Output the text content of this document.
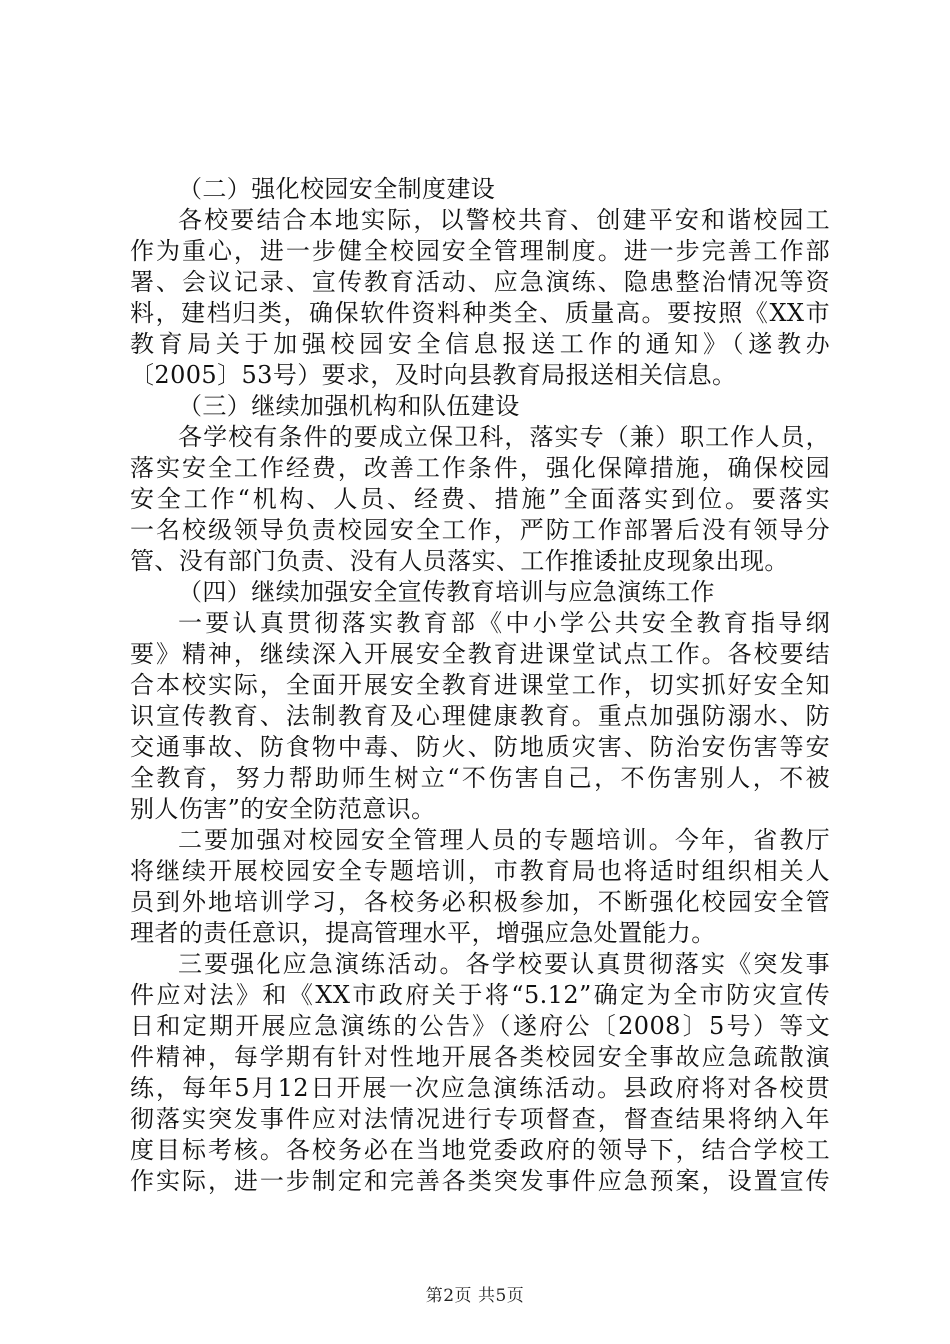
（二）强化校园安全制度建设
各校要结合本地实际，以警校共育、创建平安和谐校园工
作为重心，进一步健全校园安全管理制度。进一步完善工作部
署、会议记录、宣传教育活动、应急演练、隐患整治情况等资
料，建档归类，确保软件资料种类全、质量高。要按照《XX市
教育局关于加强校园安全信息报送工作的通知》（遂教办
〔2005〕53号）要求，及时向县教育局报送相关信息。
（三）继续加强机构和队伍建设
各学校有条件的要成立保卫科，落实专（兼）职工作人员，
落实安全工作经费，改善工作条件，强化保障措施，确保校园
安全工作“机构、人员、经费、措施”全面落实到位。要落实
一名校级领导负责校园安全工作，严防工作部署后没有领导分
管、没有部门负责、没有人员落实、工作推诿扯皮现象出现。
（四）继续加强安全宣传教育培训与应急演练工作
一要认真贯彻落实教育部《中小学公共安全教育指导纲
要》精神，继续深入开展安全教育进课堂试点工作。各校要结
合本校实际，全面开展安全教育进课堂工作，切实抓好安全知
识宣传教育、法制教育及心理健康教育。重点加强防溺水、防
交通事故、防食物中毒、防火、防地质灾害、防治安伤害等安
全教育，努力帮助师生树立“不伤害自己，不伤害别人，不被
别人伤害”的安全防范意识。
二要加强对校园安全管理人员的专题培训。今年，省教厅
将继续开展校园安全专题培训，市教育局也将适时组织相关人
员到外地培训学习，各校务必积极参加，不断强化校园安全管
理者的责任意识，提高管理水平，增强应急处置能力。
三要强化应急演练活动。各学校要认真贯彻落实《突发事
件应对法》和《XX市政府关于将“5.12”确定为全市防灾宣传
日和定期开展应急演练的公告》（遂府公〔2008〕5号）等文
件精神，每学期有针对性地开展各类校园安全事故应急疏散演
练，每年5月12日开展一次应急演练活动。县政府将对各校贯
彻落实突发事件应对法情况进行专项督查，督查结果将纳入年
度目标考核。各校务必在当地党委政府的领导下，结合学校工
作实际，进一步制定和完善各类突发事件应急预案，设置宣传
第2页 共5页
